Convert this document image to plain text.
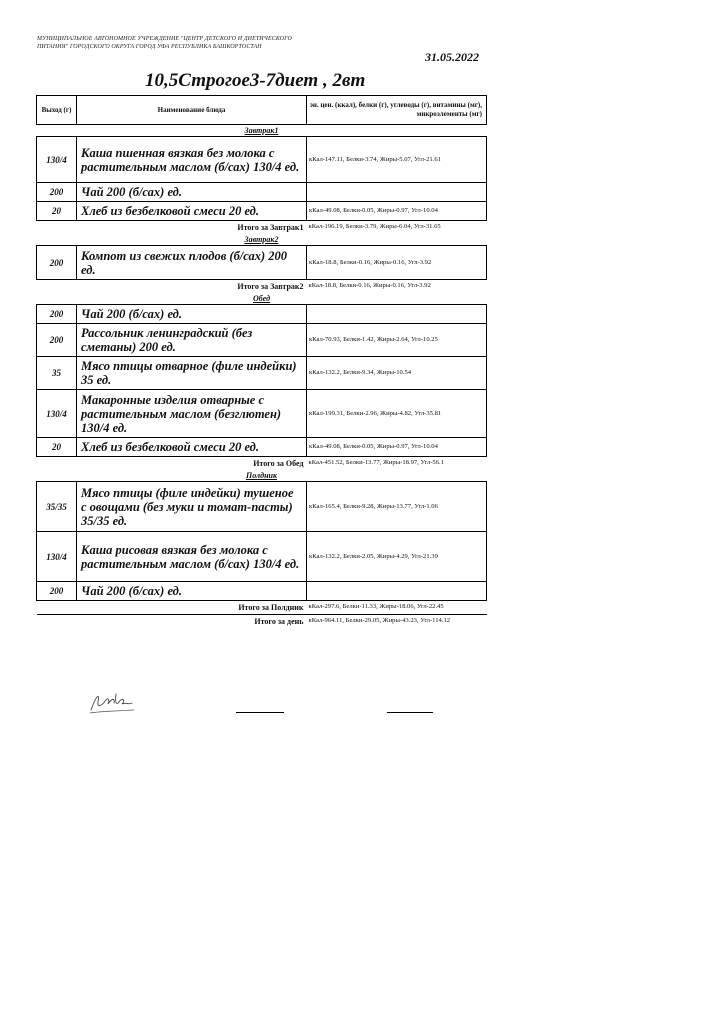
МУНИЦИПАЛЬНОЕ АВТОНОМНОЕ УЧРЕЖДЕНИЕ "ЦЕНТР ДЕТСКОГО И ДИЕТИЧЕСКОГО ПИТАНИЯ" ГОРОДСКОГО ОКРУГА ГОРОД УФА РЕСПУБЛИКА БАШКОРТОСТАН
31.05.2022
10,5Строгое3-7диет , 2вт
Выход (г)	Наименование блюда	эн. цен. (ккал), белки (г), углеводы (г), витамины (мг), микроэлементы (мг)
Завтрак1		
130/4	Каша пшенная вязкая без молока с растительным маслом (б/сах) 130/4 ед.	кКал-147.11, Белки-3.74, Жиры-5.07, Угл-21.61
200	Чай 200 (б/сах) ед.	
20	Хлеб из безбелковой смеси 20 ед.	кКал-49.08, Белки-0.05, Жиры-0.97, Угл-10.04
Итого за Завтрак1		кКал-196.19, Белки-3.79, Жиры-6.04, Угл-31.65
Завтрак2		
200	Компот из свежих плодов (б/сах) 200 ед.	кКал-18.8, Белки-0.16, Жиры-0.16, Угл-3.92
Итого за Завтрак2		кКал-18.8, Белки-0.16, Жиры-0.16, Угл-3.92
Обед		
200	Чай 200 (б/сах) ед.	
200	Рассольник ленинградский (без сметаны) 200 ед.	кКал-70.93, Белки-1.42, Жиры-2.64, Угл-10.25
35	Мясо птицы отварное (филе индейки) 35 ед.	кКал-132.2, Белки-9.34, Жиры-10.54
130/4	Макаронные изделия отварные с растительным маслом (безглютен) 130/4 ед.	кКал-199.31, Белки-2.96, Жиры-4.82, Угл-35.81
20	Хлеб из безбелковой смеси 20 ед.	кКал-49.08, Белки-0.05, Жиры-0.97, Угл-10.04
Итого за Обед		кКал-451.52, Белки-13.77, Жиры-18.97, Угл-56.1
Полдник		
35/35	Мясо птицы (филе индейки) тушеное с овощами (без муки и томат-пасты) 35/35 ед.	кКал-165.4, Белки-9.28, Жиры-13.77, Угл-1.06
130/4	Каша рисовая вязкая без молока с растительным маслом (б/сах) 130/4 ед.	кКал-132.2, Белки-2.05, Жиры-4.29, Угл-21.39
200	Чай 200 (б/сах) ед.	
Итого за Полдник		кКал-297.6, Белки-11.33, Жиры-18.06, Угл-22.45
Итого за день		кКал-964.11, Белки-29.05, Жиры-43.23, Угл-114.12
